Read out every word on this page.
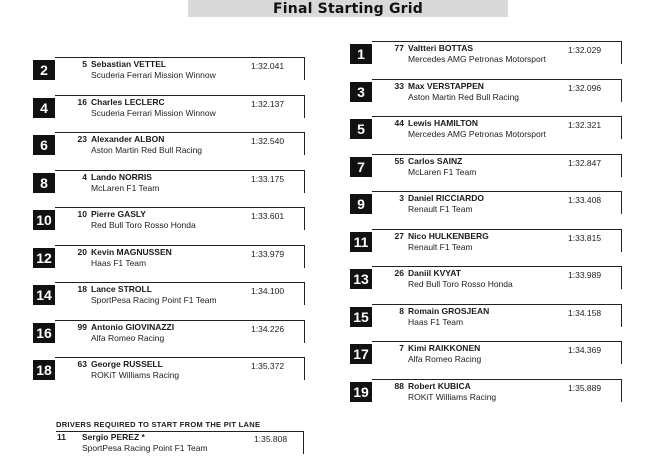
Final Starting Grid
2	5 Sebastian VETTEL
Scuderia Ferrari Mission Winnow
1:32.041
4	16 Charles LECLERC
Scuderia Ferrari Mission Winnow
1:32.137
6	23 Alexander ALBON
Aston Martin Red Bull Racing
1:32.540
8	4 Lando NORRIS
McLaren F1 Team
1:33.175
10	10 Pierre GASLY
Red Bull Toro Rosso Honda
1:33.601
12	20 Kevin MAGNUSSEN
Haas F1 Team
1:33.979
14	18 Lance STROLL
SportPesa Racing Point F1 Team
1:34.100
16	99 Antonio GIOVINAZZI
Alfa Romeo Racing
1:34.226
18	63 George RUSSELL
ROKiT Williams Racing
1:35.372
1	77 Valtteri BOTTAS
Mercedes AMG Petronas Motorsport
1:32.029
3	33 Max VERSTAPPEN
Aston Martin Red Bull Racing
1:32.096
5	44 Lewis HAMILTON
Mercedes AMG Petronas Motorsport
1:32.321
7	55 Carlos SAINZ
McLaren F1 Team
1:32.847
9	3 Daniel RICCIARDO
Renault F1 Team
1:33.408
11	27 Nico HULKENBERG
Renault F1 Team
1:33.815
13	26 Daniil KVYAT
Red Bull Toro Rosso Honda
1:33.989
15	8 Romain GROSJEAN
Haas F1 Team
1:34.158
17	7 Kimi RAIKKONEN
Alfa Romeo Racing
1:34.369
19	88 Robert KUBICA
ROKiT Williams Racing
1:35.889
DRIVERS REQUIRED TO START FROM THE PIT LANE
11 Sergio PEREZ *
SportPesa Racing Point F1 Team
1:35.808
